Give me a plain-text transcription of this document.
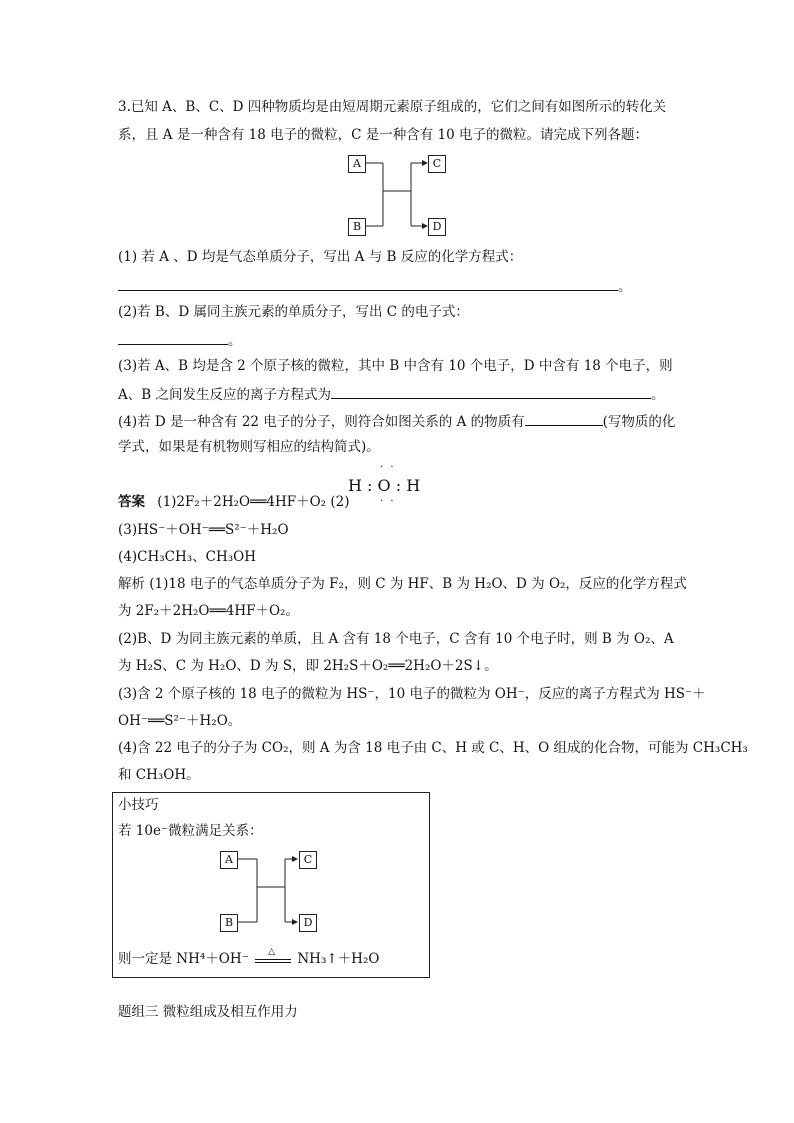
3.已知 A、B、C、D 四种物质均是由短周期元素原子组成的，它们之间有如图所示的转化关
系，且 A 是一种含有 18 电子的微粒，C 是一种含有 10 电子的微粒。请完成下列各题：
A
B
C
D
(1) 若 A 、D 均是气态单质分子，写出 A 与 B 反应的化学方程式：
。
(2)若 B、D 属同主族元素的单质分子，写出 C 的电子式：
。
(3)若 A、B 均是含 2 个原子核的微粒，其中 B 中含有 10 个电子，D 中含有 18 个电子，则
A、B 之间发生反应的离子方程式为	。
(4)若 D 是一种含有 22 电子的分子，则符合如图关系的 A 的物质有	(写物质的化
学式，如果是有机物则写相应的结构简式)。
答案 (1)2F₂＋2H₂O══4HF＋O₂ (2)
· ·
H : O : H
· ·
(3)HS⁻＋OH⁻══S²⁻＋H₂O
(4)CH₃CH₃、CH₃OH
解析 (1)18 电子的气态单质分子为 F₂，则 C 为 HF、B 为 H₂O、D 为 O₂，反应的化学方程式
为 2F₂＋2H₂O══4HF＋O₂。
(2)B、D 为同主族元素的单质，且 A 含有 18 个电子，C 含有 10 个电子时，则 B 为 O₂、A
为 H₂S、C 为 H₂O、D 为 S，即 2H₂S＋O₂══2H₂O＋2S↓。
(3)含 2 个原子核的 18 电子的微粒为 HS⁻，10 电子的微粒为 OH⁻，反应的离子方程式为 HS⁻＋
OH⁻══S²⁻＋H₂O。
(4)含 22 电子的分子为 CO₂，则 A 为含 18 电子由 C、H 或 C、H、O 组成的化合物，可能为 CH₃CH₃
和 CH₃OH。
小技巧
若 10e⁻微粒满足关系：
A
B
C
D
则一定是 NH⁴＋OH⁻ △ NH₃↑＋H₂O
题组三 微粒组成及相互作用力
